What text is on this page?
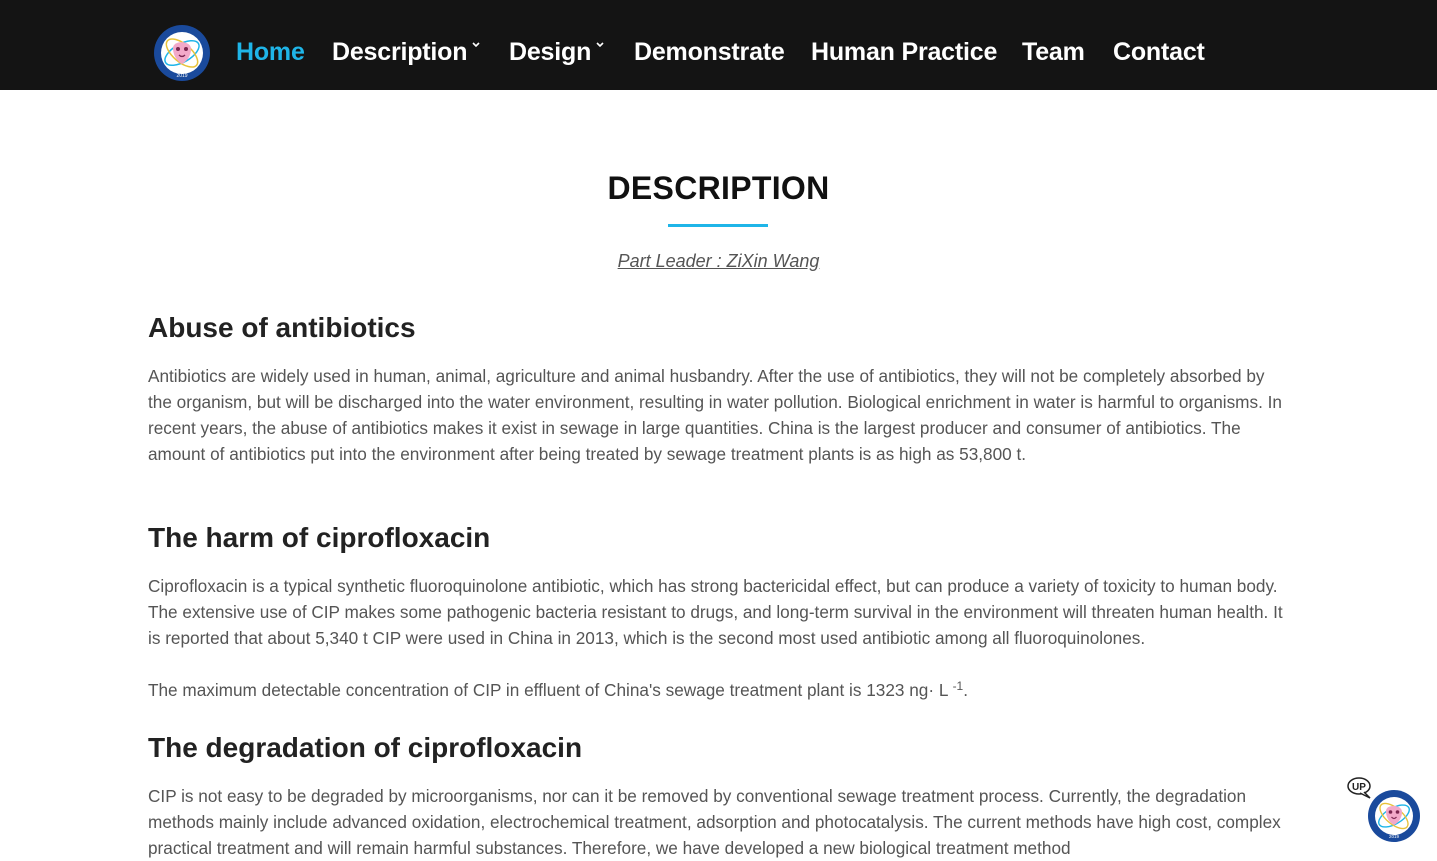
2019
Home Description	Design	Demonstrate Human Practice Team Contact
DESCRIPTION
Part Leader : ZiXin Wang
Abuse of antibiotics

Antibiotics are widely used in human, animal, agriculture and animal husbandry. After the use of antibiotics, they will not be completely absorbed by the organism, but will be discharged into the water environment, resulting in water pollution. Biological enrichment in water is harmful to organisms. In recent years, the abuse of antibiotics makes it exist in sewage in large quantities. China is the largest producer and consumer of antibiotics. The amount of antibiotics put into the environment after being treated by sewage treatment plants is as high as 53,800 t.

The harm of ciprofloxacin

Ciprofloxacin is a typical synthetic fluoroquinolone antibiotic, which has strong bactericidal effect, but can produce a variety of toxicity to human body. The extensive use of CIP makes some pathogenic bacteria resistant to drugs, and long-term survival in the environment will threaten human health. It is reported that about 5,340 t CIP were used in China in 2013, which is the second most used antibiotic among all fluoroquinolones.

The maximum detectable concentration of CIP in effluent of China's sewage treatment plant is 1323 ng· L $^{-1}$.

The degradation of ciprofloxacin

CIP is not easy to be degraded by microorganisms, nor can it be removed by conventional sewage treatment process. Currently, the degradation methods mainly include advanced oxidation, electrochemical treatment, adsorption and photocatalysis. The current methods have high cost, complex practical treatment and will remain harmful substances. Therefore, we have developed a new biological treatment method

2019
UP
